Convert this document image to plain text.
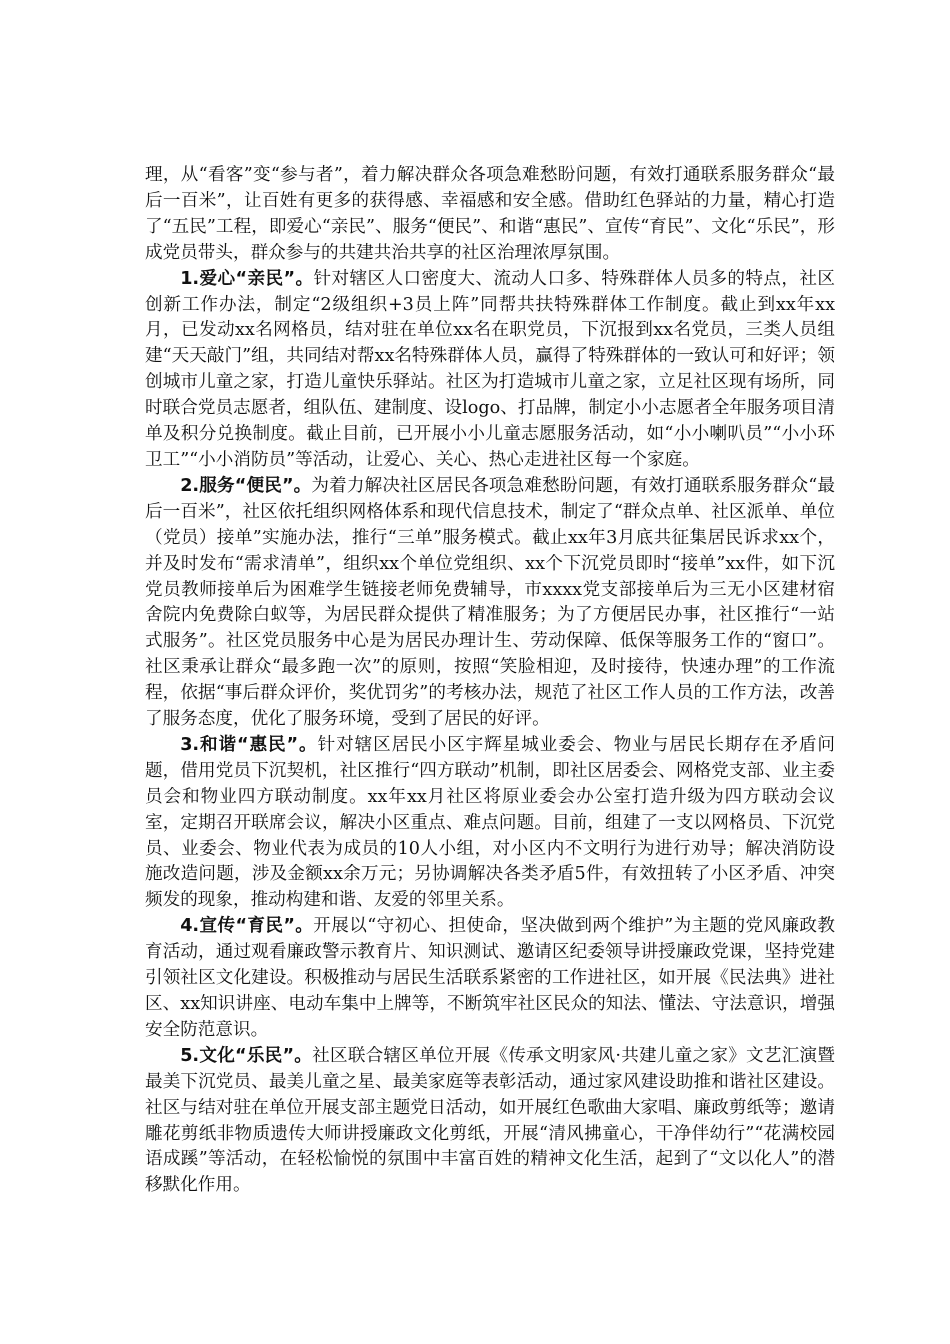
理，从“看客”变“参与者”，着力解决群众各项急难愁盼问题，有效打通联系服务群众“最后一百米”，让百姓有更多的获得感、幸福感和安全感。借助红色驿站的力量，精心打造了“五民”工程，即爱心“亲民”、服务“便民”、和谐“惠民”、宣传“育民”、文化“乐民”，形成党员带头，群众参与的共建共治共享的社区治理浓厚氛围。

1.爱心“亲民”。针对辖区人口密度大、流动人口多、特殊群体人员多的特点，社区创新工作办法，制定“2级组织+3员上阵”同帮共扶特殊群体工作制度。截止到xx年xx月，已发动xx名网格员，结对驻在单位xx名在职党员，下沉报到xx名党员，三类人员组建“天天敲门”组，共同结对帮xx名特殊群体人员，赢得了特殊群体的一致认可和好评；领创城市儿童之家，打造儿童快乐驿站。社区为打造城市儿童之家，立足社区现有场所，同时联合党员志愿者，组队伍、建制度、设logo、打品牌，制定小小志愿者全年服务项目清单及积分兑换制度。截止目前，已开展小小儿童志愿服务活动，如“小小喇叭员”“小小环卫工”“小小消防员”等活动，让爱心、关心、热心走进社区每一个家庭。

2.服务“便民”。为着力解决社区居民各项急难愁盼问题，有效打通联系服务群众“最后一百米”，社区依托组织网格体系和现代信息技术，制定了“群众点单、社区派单、单位（党员）接单”实施办法，推行“三单”服务模式。截止xx年3月底共征集居民诉求xx个，并及时发布“需求清单”，组织xx个单位党组织、xx个下沉党员即时“接单”xx件，如下沉党员教师接单后为困难学生链接老师免费辅导，市xxxx党支部接单后为三无小区建材宿舍院内免费除白蚁等，为居民群众提供了精准服务；为了方便居民办事，社区推行“一站式服务”。社区党员服务中心是为居民办理计生、劳动保障、低保等服务工作的“窗口”。社区秉承让群众“最多跑一次”的原则，按照“笑脸相迎，及时接待，快速办理”的工作流程，依据“事后群众评价，奖优罚劣”的考核办法，规范了社区工作人员的工作方法，改善了服务态度，优化了服务环境，受到了居民的好评。

3.和谐“惠民”。针对辖区居民小区宇辉星城业委会、物业与居民长期存在矛盾问题，借用党员下沉契机，社区推行“四方联动”机制，即社区居委会、网格党支部、业主委员会和物业四方联动制度。xx年xx月社区将原业委会办公室打造升级为四方联动会议室，定期召开联席会议，解决小区重点、难点问题。目前，组建了一支以网格员、下沉党员、业委会、物业代表为成员的10人小组，对小区内不文明行为进行劝导；解决消防设施改造问题，涉及金额xx余万元；另协调解决各类矛盾5件，有效扭转了小区矛盾、冲突频发的现象，推动构建和谐、友爱的邻里关系。

4.宣传“育民”。开展以“守初心、担使命，坚决做到两个维护”为主题的党风廉政教育活动，通过观看廉政警示教育片、知识测试、邀请区纪委领导讲授廉政党课，坚持党建引领社区文化建设。积极推动与居民生活联系紧密的工作进社区，如开展《民法典》进社区、xx知识讲座、电动车集中上牌等，不断筑牢社区民众的知法、懂法、守法意识，增强安全防范意识。

5.文化“乐民”。社区联合辖区单位开展《传承文明家风·共建儿童之家》文艺汇演暨最美下沉党员、最美儿童之星、最美家庭等表彰活动，通过家风建设助推和谐社区建设。社区与结对驻在单位开展支部主题党日活动，如开展红色歌曲大家唱、廉政剪纸等；邀请雕花剪纸非物质遗传大师讲授廉政文化剪纸，开展“清风拂童心，干净伴幼行”“花满校园语成蹊”等活动，在轻松愉悦的氛围中丰富百姓的精神文化生活，起到了“文以化人”的潜移默化作用。
